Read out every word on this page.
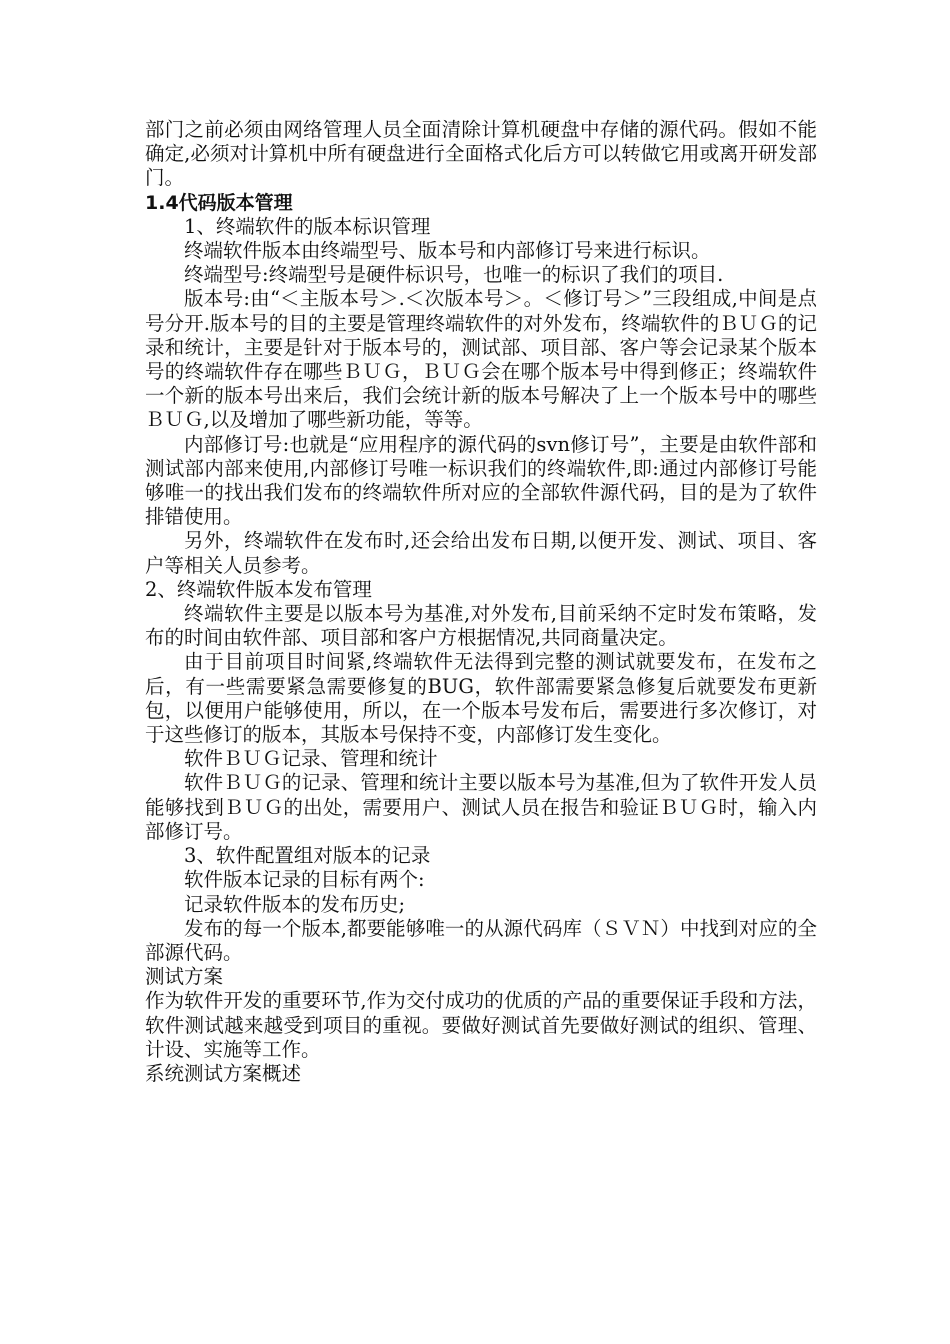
部门之前必须由网络管理人员全面清除计算机硬盘中存储的源代码。假如不能确定,必须对计算机中所有硬盘进行全面格式化后方可以转做它用或离开研发部门。

1.4代码版本管理

1、终端软件的版本标识管理

终端软件版本由终端型号、版本号和内部修订号来进行标识。

终端型号:终端型号是硬件标识号，也唯一的标识了我们的项目.

版本号:由“＜主版本号＞.＜次版本号＞。＜修订号＞”三段组成,中间是点号分开.版本号的目的主要是管理终端软件的对外发布，终端软件的ＢＵＧ的记录和统计，主要是针对于版本号的，测试部、项目部、客户等会记录某个版本号的终端软件存在哪些ＢＵＧ，ＢＵＧ会在哪个版本号中得到修正；终端软件一个新的版本号出来后，我们会统计新的版本号解决了上一个版本号中的哪些ＢＵＧ,以及增加了哪些新功能，等等。

内部修订号:也就是“应用程序的源代码的svn修订号”，主要是由软件部和测试部内部来使用,内部修订号唯一标识我们的终端软件,即:通过内部修订号能够唯一的找出我们发布的终端软件所对应的全部软件源代码，目的是为了软件排错使用。

另外，终端软件在发布时,还会给出发布日期,以便开发、测试、项目、客户等相关人员参考。

2、终端软件版本发布管理

终端软件主要是以版本号为基准,对外发布,目前采纳不定时发布策略，发布的时间由软件部、项目部和客户方根据情况,共同商量决定。

由于目前项目时间紧,终端软件无法得到完整的测试就要发布，在发布之后，有一些需要紧急需要修复的BUG，软件部需要紧急修复后就要发布更新包，以便用户能够使用，所以，在一个版本号发布后，需要进行多次修订，对于这些修订的版本，其版本号保持不变，内部修订发生变化。

软件ＢＵＧ记录、管理和统计

软件ＢＵＧ的记录、管理和统计主要以版本号为基准,但为了软件开发人员能够找到ＢＵＧ的出处，需要用户、测试人员在报告和验证ＢＵＧ时，输入内部修订号。

3、软件配置组对版本的记录

软件版本记录的目标有两个:

记录软件版本的发布历史;

发布的每一个版本,都要能够唯一的从源代码库（ＳＶＮ）中找到对应的全部源代码。

测试方案

作为软件开发的重要环节,作为交付成功的优质的产品的重要保证手段和方法，软件测试越来越受到项目的重视。要做好测试首先要做好测试的组织、管理、计设、实施等工作。

系统测试方案概述
